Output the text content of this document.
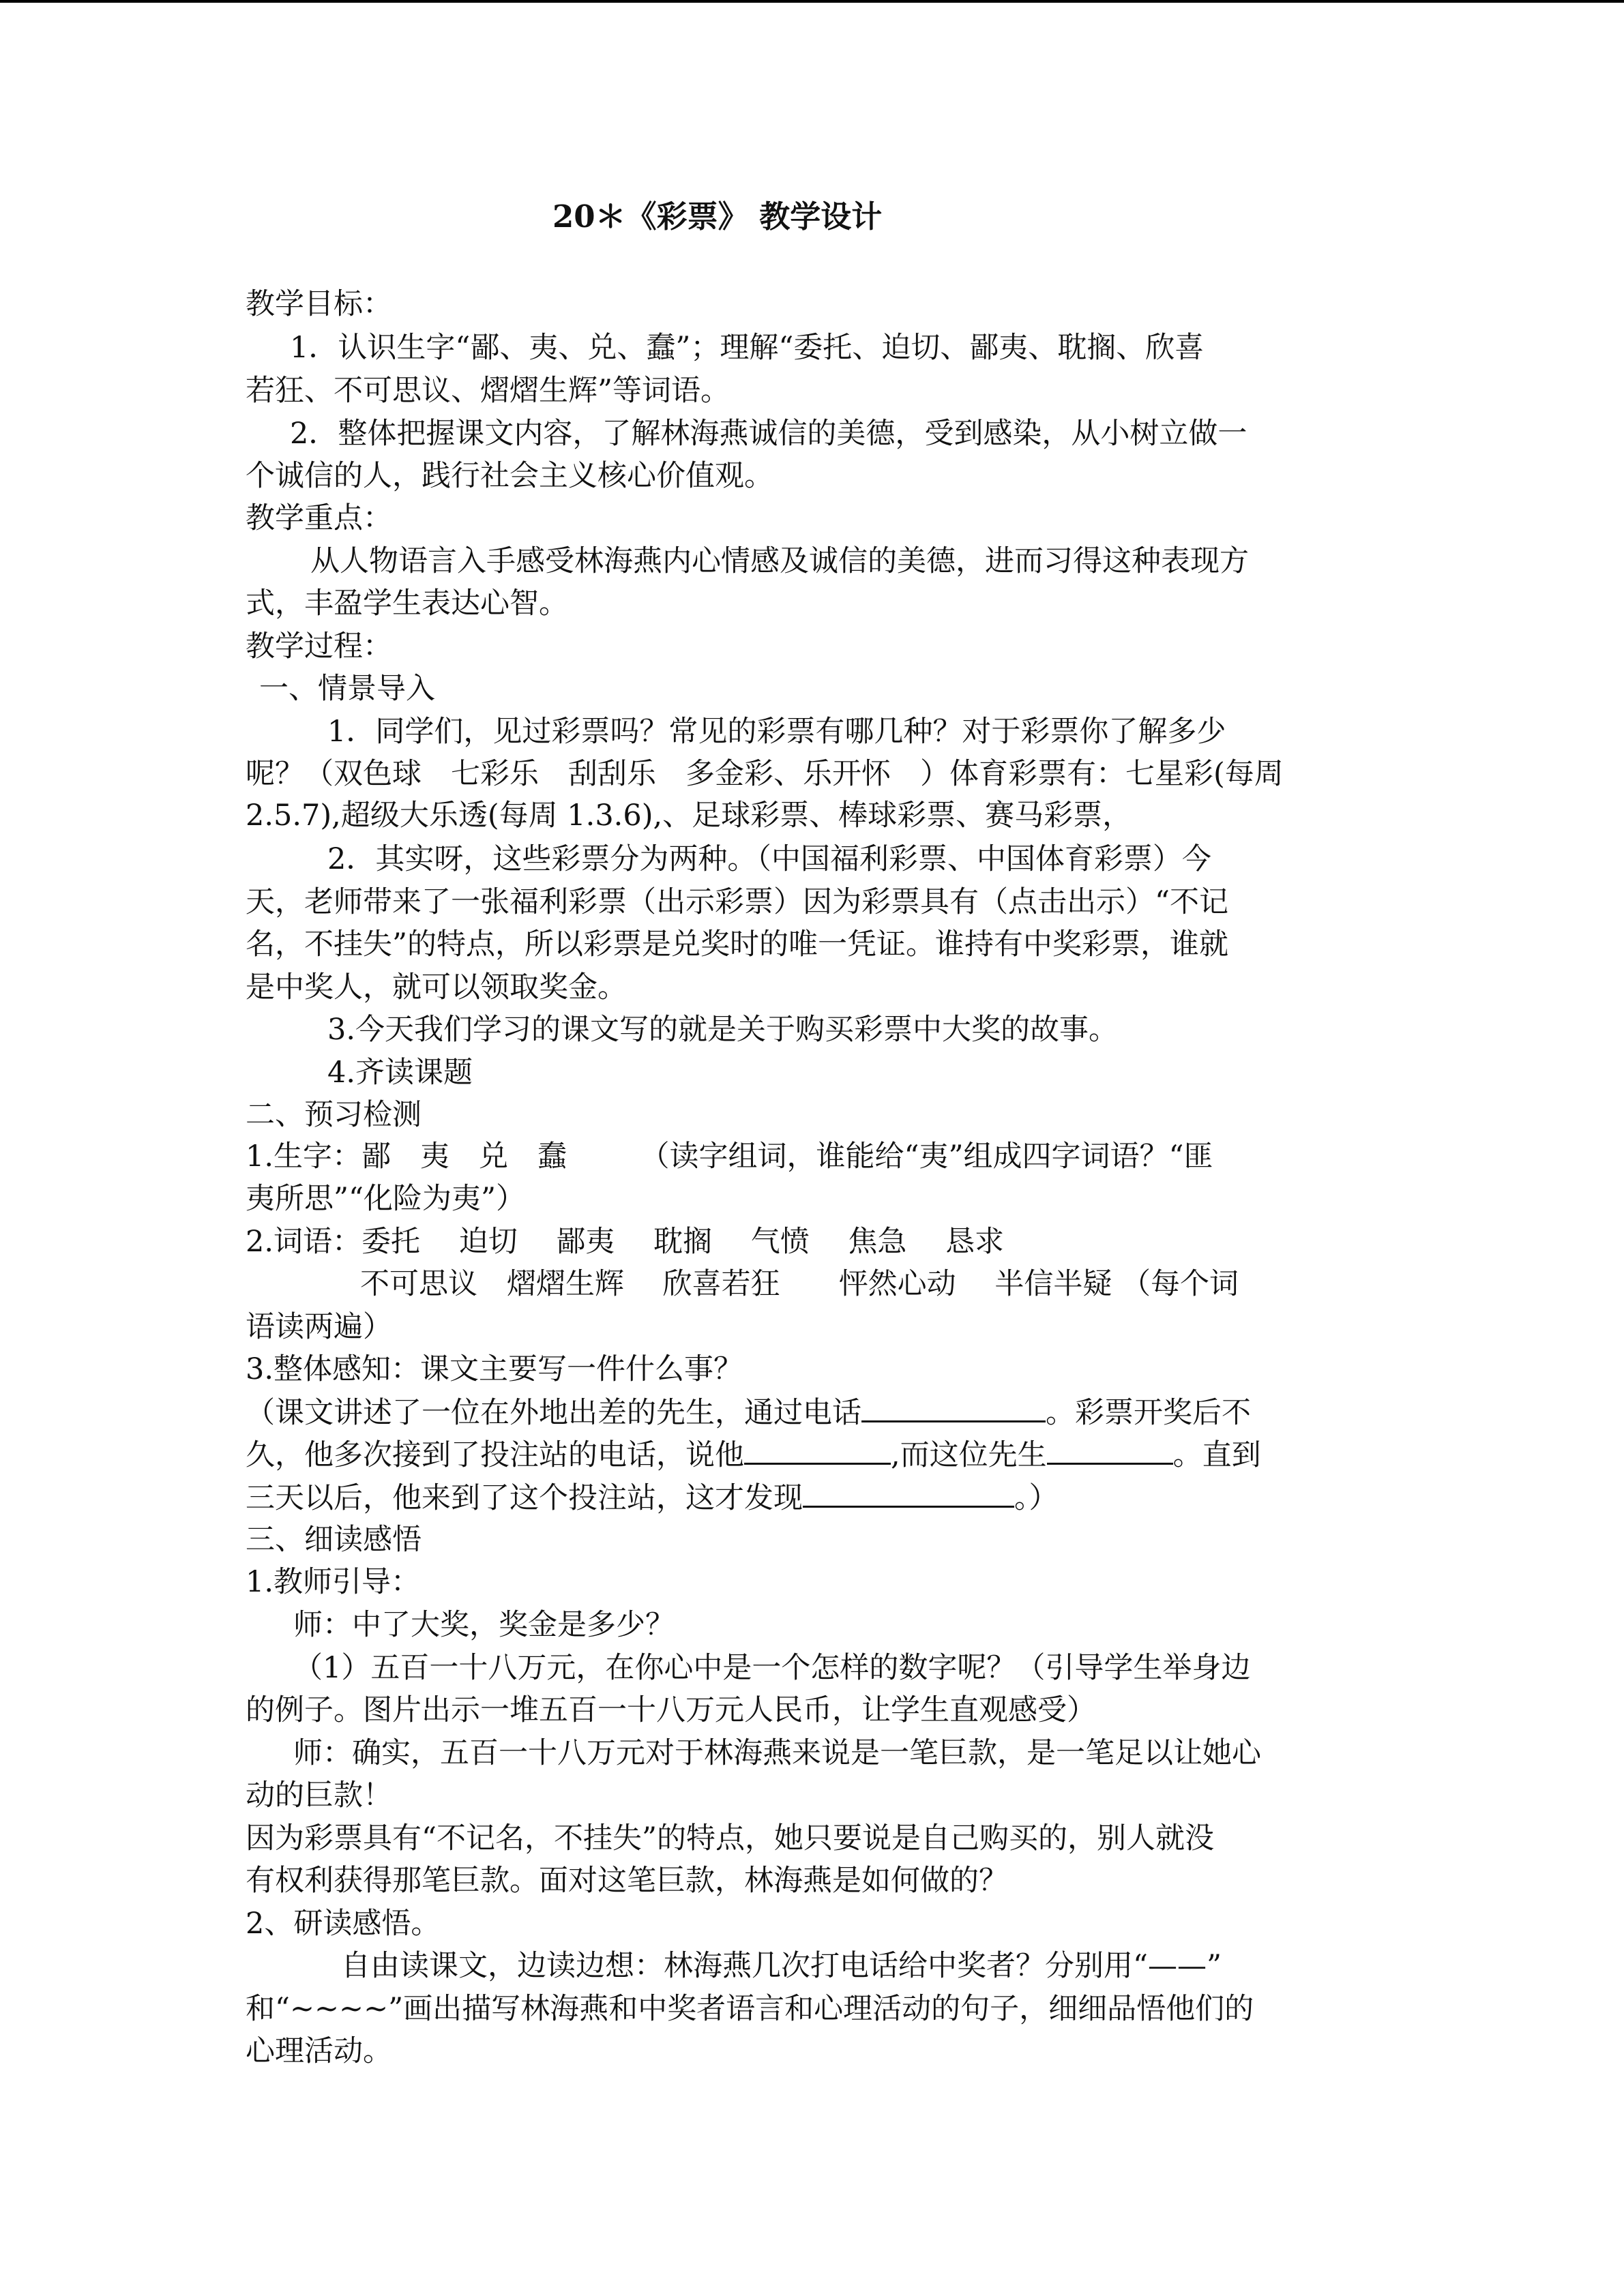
20＊《彩票》 教学设计
教学目标：
1．认识生字“鄙、夷、兑、蠢”；理解“委托、迫切、鄙夷、耽搁、欣喜
若狂、不可思议、熠熠生辉”等词语。
2．整体把握课文内容，了解林海燕诚信的美德，受到感染，从小树立做一
个诚信的人，践行社会主义核心价值观。
教学重点：
从人物语言入手感受林海燕内心情感及诚信的美德，进而习得这种表现方
式，丰盈学生表达心智。
教学过程：
一、情景导入
1．同学们，见过彩票吗？常见的彩票有哪几种？对于彩票你了解多少
呢？（双色球　七彩乐　刮刮乐　多金彩、乐开怀　）体育彩票有：七星彩(每周
2.5.7),超级大乐透(每周 1.3.6),、足球彩票、棒球彩票、赛马彩票，
2．其实呀，这些彩票分为两种。（中国福利彩票、中国体育彩票）今
天，老师带来了一张福利彩票（出示彩票）因为彩票具有（点击出示）“不记
名，不挂失”的特点，所以彩票是兑奖时的唯一凭证。谁持有中奖彩票，谁就
是中奖人，就可以领取奖金。
3.今天我们学习的课文写的就是关于购买彩票中大奖的故事。
4.齐读课题
二、预习检测
1.生字：鄙　夷　兑　蠢　　　（读字组词，谁能给“夷”组成四字词语？“匪
夷所思”“化险为夷”）
2.词语：委托　 迫切　 鄙夷　 耽搁　 气愤　 焦急　 恳求
不可思议　熠熠生辉　 欣喜若狂　　怦然心动　 半信半疑 （每个词
语读两遍）
3.整体感知：课文主要写一件什么事？
（课文讲述了一位在外地出差的先生，通过电话	。彩票开奖后不
久，他多次接到了投注站的电话，说他	,而这位先生	。直到
三天以后，他来到了这个投注站，这才发现	。）
三、细读感悟
1.教师引导：
师：中了大奖，奖金是多少？
（1）五百一十八万元，在你心中是一个怎样的数字呢？（引导学生举身边
的例子。图片出示一堆五百一十八万元人民币，让学生直观感受）
师：确实，五百一十八万元对于林海燕来说是一笔巨款，是一笔足以让她心
动的巨款！
因为彩票具有“不记名，不挂失”的特点，她只要说是自己购买的，别人就没
有权利获得那笔巨款。面对这笔巨款，林海燕是如何做的？
2、研读感悟。
自由读课文，边读边想：林海燕几次打电话给中奖者？分别用“——”
和“~~~~”画出描写林海燕和中奖者语言和心理活动的句子，细细品悟他们的
心理活动。
